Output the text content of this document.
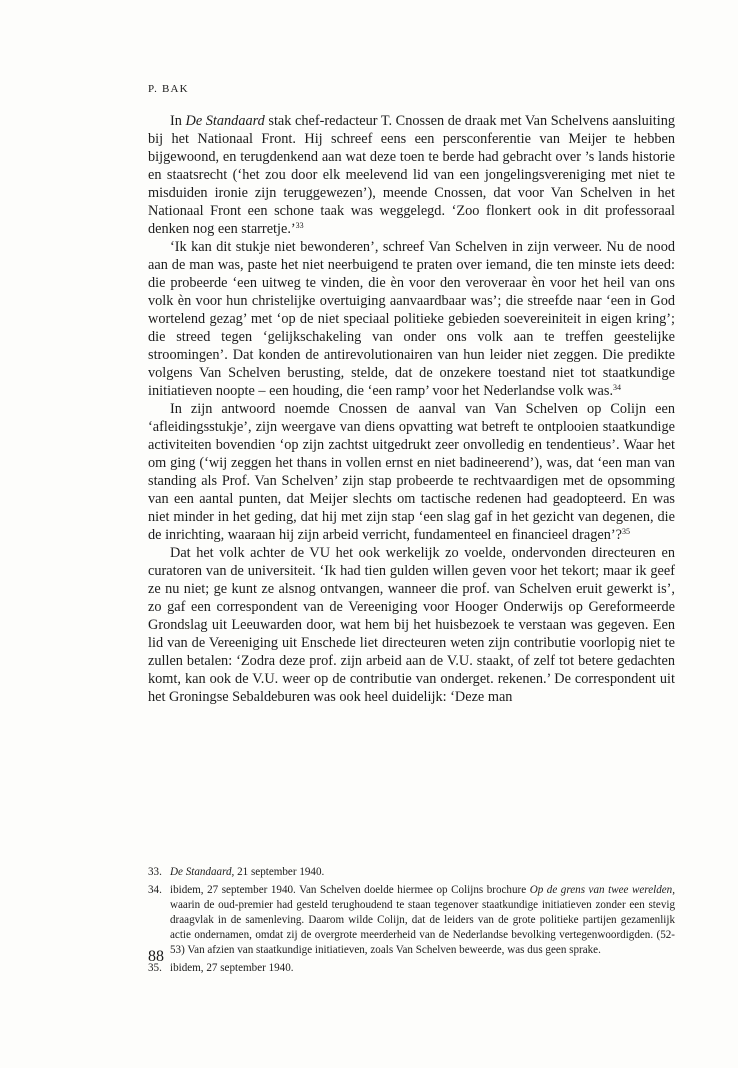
P. BAK

In De Standaard stak chef-redacteur T. Cnossen de draak met Van Schelvens aansluiting bij het Nationaal Front. Hij schreef eens een persconferentie van Meijer te hebben bijgewoond, en terugdenkend aan wat deze toen te berde had gebracht over ’s lands historie en staatsrecht (‘het zou door elk meelevend lid van een jongelingsvereniging met niet te misduiden ironie zijn teruggewezen’), meende Cnossen, dat voor Van Schelven in het Nationaal Front een schone taak was weggelegd. ‘Zoo flonkert ook in dit professoraal denken nog een starretje.’$^{33}$

‘Ik kan dit stukje niet bewonderen’, schreef Van Schelven in zijn verweer. Nu de nood aan de man was, paste het niet neerbuigend te praten over iemand, die ten minste iets deed: die probeerde ‘een uitweg te vinden, die èn voor den veroveraar èn voor het heil van ons volk èn voor hun christelijke overtuiging aanvaardbaar was’; die streefde naar ‘een in God wortelend gezag’ met ‘op de niet speciaal politieke gebieden soevereiniteit in eigen kring’; die streed tegen ‘gelijkschakeling van onder ons volk aan te treffen geestelijke stroomingen’. Dat konden de antirevolutionairen van hun leider niet zeggen. Die predikte volgens Van Schelven berusting, stelde, dat de onzekere toestand niet tot staatkundige initiatieven noopte – een houding, die ‘een ramp’ voor het Nederlandse volk was.$^{34}$

In zijn antwoord noemde Cnossen de aanval van Van Schelven op Colijn een ‘afleidingsstukje’, zijn weergave van diens opvatting wat betreft te ontplooien staatkundige activiteiten bovendien ‘op zijn zachtst uitgedrukt zeer onvolledig en tendentieus’. Waar het om ging (‘wij zeggen het thans in vollen ernst en niet badineerend’), was, dat ‘een man van standing als Prof. Van Schelven’ zijn stap probeerde te rechtvaardigen met de opsomming van een aantal punten, dat Meijer slechts om tactische redenen had geadopteerd. En was niet minder in het geding, dat hij met zijn stap ‘een slag gaf in het gezicht van degenen, die de inrichting, waaraan hij zijn arbeid verricht, fundamenteel en financieel dragen’?$^{35}$

Dat het volk achter de VU het ook werkelijk zo voelde, ondervonden directeuren en curatoren van de universiteit. ‘Ik had tien gulden willen geven voor het tekort; maar ik geef ze nu niet; ge kunt ze alsnog ontvangen, wanneer die prof. van Schelven eruit gewerkt is’, zo gaf een correspondent van de Vereeniging voor Hooger Onderwijs op Gereformeerde Grondslag uit Leeuwarden door, wat hem bij het huisbezoek te verstaan was gegeven. Een lid van de Vereeniging uit Enschede liet directeuren weten zijn contributie voorlopig niet te zullen betalen: ‘Zodra deze prof. zijn arbeid aan de V.U. staakt, of zelf tot betere gedachten komt, kan ook de V.U. weer op de contributie van onderget. rekenen.’ De correspondent uit het Groningse Sebaldeburen was ook heel duidelijk: ‘Deze man

33. De Standaard, 21 september 1940.
34. ibidem, 27 september 1940. Van Schelven doelde hiermee op Colijns brochure Op de grens van twee werelden, waarin de oud-premier had gesteld terughoudend te staan tegenover staatkundige initiatieven zonder een stevig draagvlak in de samenleving. Daarom wilde Colijn, dat de leiders van de grote politieke partijen gezamenlijk actie ondernamen, omdat zij de overgrote meerderheid van de Nederlandse bevolking vertegenwoordigden. (52-53) Van afzien van staatkundige initiatieven, zoals Van Schelven beweerde, was dus geen sprake.
35. ibidem, 27 september 1940.
88
